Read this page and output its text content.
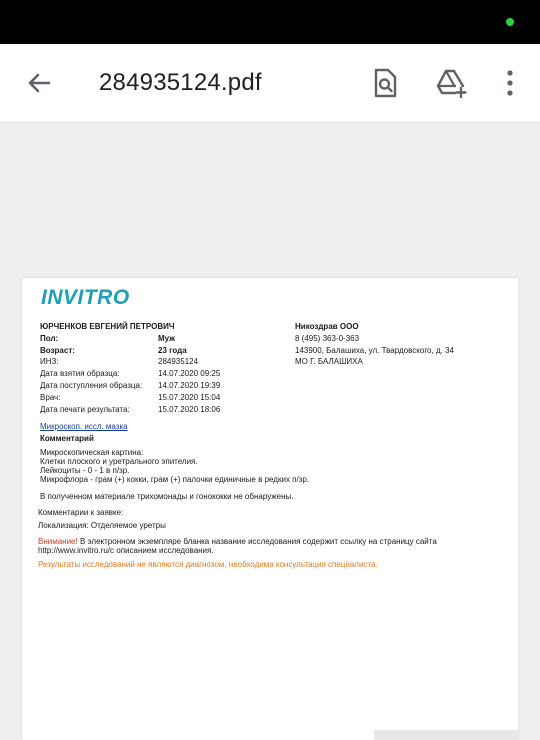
284935124.pdf
INVITRO
ЮРЧЕНКОВ ЕВГЕНИЙ ПЕТРОВИЧ
Пол:	Муж
Возраст:	23 года
ИНЗ:	284935124
Дата взятия образца:	14.07.2020 09:25
Дата поступления образца: 14.07.2020 19:39
Врач:	15.07.2020 15:04
Дата печати результата:	15.07.2020 18:06
Никоздрав ООО
8 (495) 363-0-363
143900, Балашиха, ул. Твардовского, д. 34
МО Г. БАЛАШИХА
Микроскоп. иссл. мазка
Комментарий
Микроскопическая картина:
Клетки плоского и уретрального эпителия.
Лейкоциты - 0 - 1 в п/зр.
Микрофлора - грам (+) кокки, грам (+) палочки единичные в редких п/зр.
В полученном материале трихомонады и гонококки не обнаружены.
Комментарии к заявке:
Локализация: Отделяемое уретры
Внимание! В электронном экземпляре бланка название исследования содержит ссылку на страницу сайта
http://www.invitro.ru/с описанием исследования.
Результаты исследований не являются диагнозом, необходима консультация специалиста.
